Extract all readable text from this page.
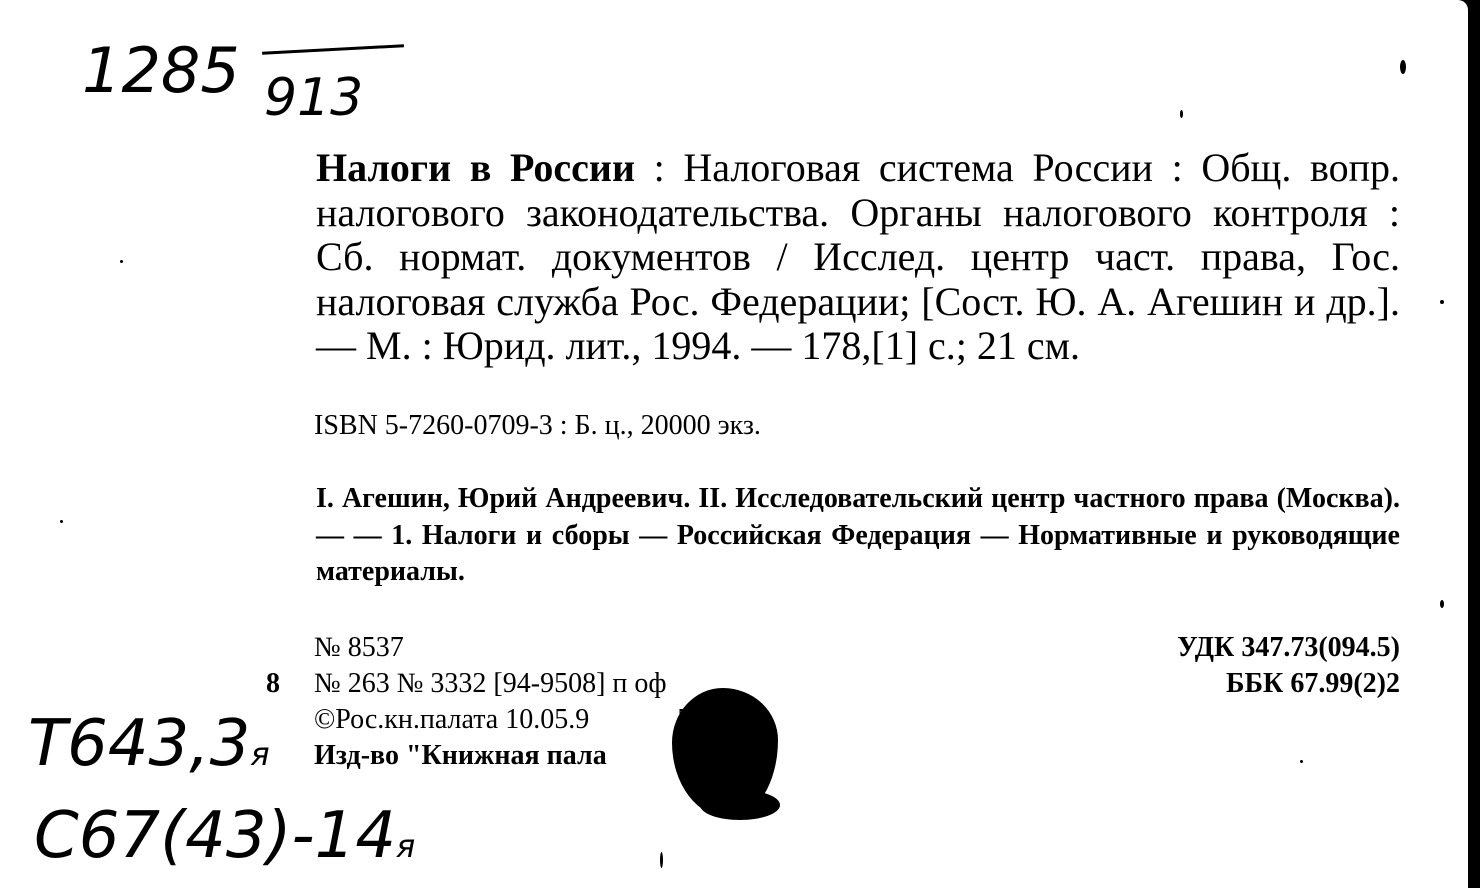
1285 913
Т643,3я
С67(43)-14я
Налоги в России : Налоговая система России : Общ. вопр. налогового законодательства. Органы налогового контроля : Сб. нормат. документов / Исслед. центр част. права, Гос. налоговая служба Рос. Федерации; [Сост. Ю. А. Агешин и др.]. — М. : Юрид. лит., 1994. — 178,[1] с.; 21 см.
ISBN 5-7260-0709-3 : Б. ц., 20000 экз.
I. Агешин, Юрий Андреевич. II. Исследовательский центр частного права (Москва). — — 1. Налоги и сборы — Российская Федерация — Нормативные и руководящие материалы.
№ 8537
8 № 263 № 3332 [94-9508] п оф
©Рос.кн.палата 10.05.9
Изд-во "Книжная пала
УДК 347.73(094.5)
ББК 67.99(2)2
